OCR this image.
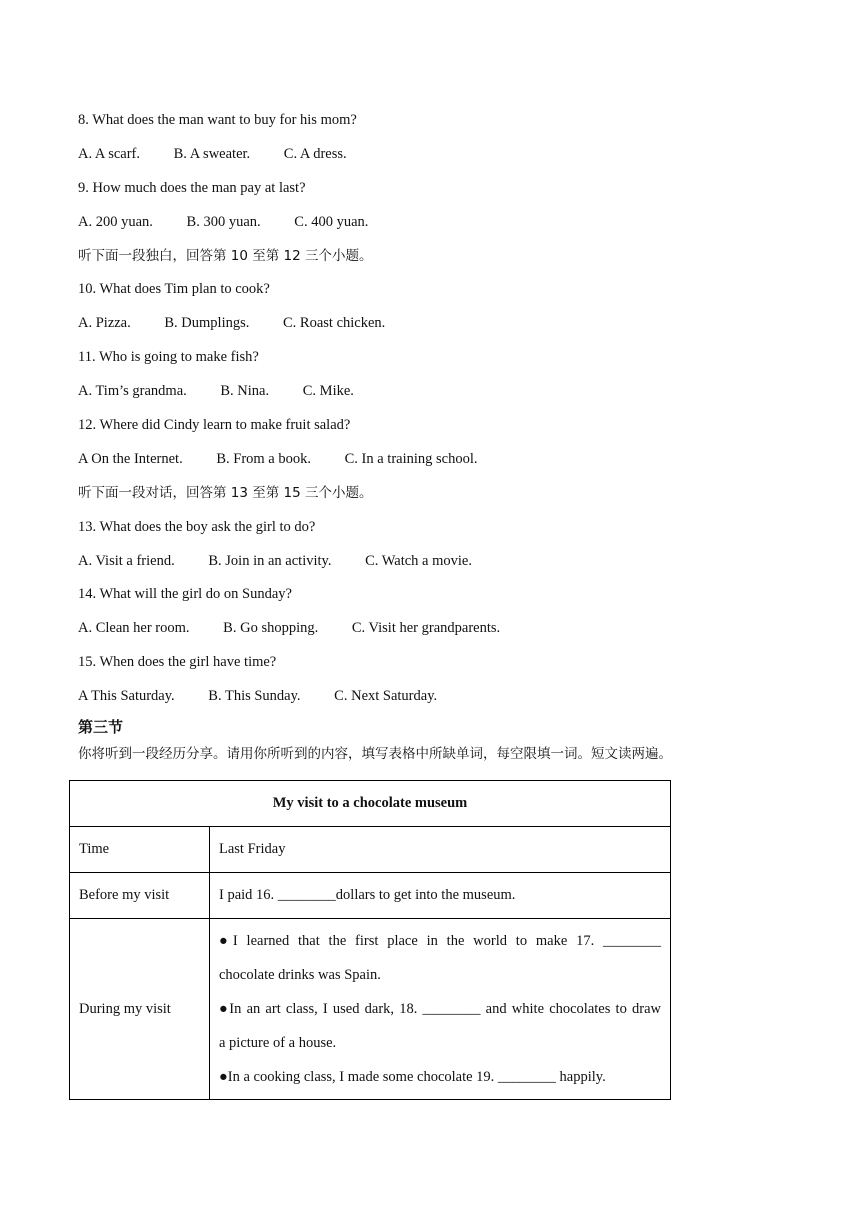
8. What does the man want to buy for his mom?
A. A scarf. B. A sweater. C. A dress.
9. How much does the man pay at last?
A. 200 yuan. B. 300 yuan. C. 400 yuan.
听下面一段独白，回答第 10 至第 12 三个小题。
10. What does Tim plan to cook?
A. Pizza. B. Dumplings. C. Roast chicken.
11. Who is going to make fish?
A. Tim’s grandma. B. Nina. C. Mike.
12. Where did Cindy learn to make fruit salad?
A On the Internet. B. From a book. C. In a training school.
听下面一段对话，回答第 13 至第 15 三个小题。
13. What does the boy ask the girl to do?
A. Visit a friend. B. Join in an activity. C. Watch a movie.
14. What will the girl do on Sunday?
A. Clean her room. B. Go shopping. C. Visit her grandparents.
15. When does the girl have time?
A This Saturday. B. This Sunday. C. Next Saturday.
第三节
你将听到一段经历分享。请用你所听到的内容，填写表格中所缺单词，每空限填一词。短文读两遍。
My visit to a chocolate museum	
Time	Last Friday
Before my visit	I paid 16. ________dollars to get into the museum.
During my visit	●I learned that the first place in the world to make 17. ________
chocolate drinks was Spain.
●In an art class, I used dark, 18. ________ and white chocolates to draw
a picture of a house.
●In a cooking class, I made some chocolate 19. ________ happily.
